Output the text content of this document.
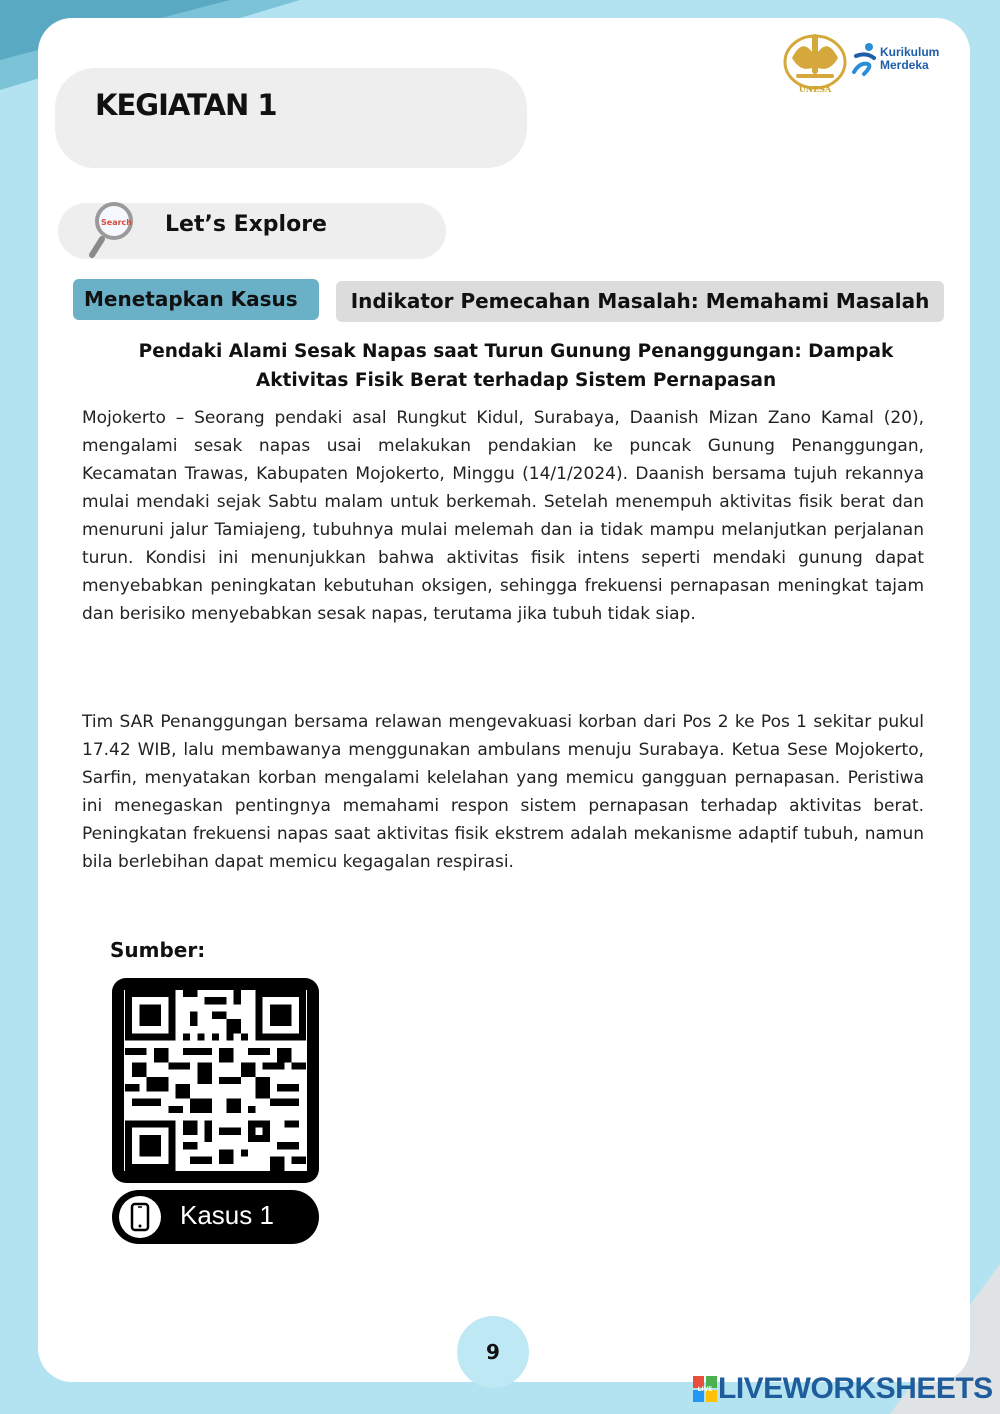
UNESA
Kurikulum
Merdeka
KEGIATAN 1
Search Let’s Explore
Menetapkan Kasus	Indikator Pemecahan Masalah: Memahami Masalah
Pendaki Alami Sesak Napas saat Turun Gunung Penanggungan: Dampak Aktivitas Fisik Berat terhadap Sistem Pernapasan

Mojokerto – Seorang pendaki asal Rungkut Kidul, Surabaya, Daanish Mizan Zano Kamal (20), mengalami sesak napas usai melakukan pendakian ke puncak Gunung Penanggungan, Kecamatan Trawas, Kabupaten Mojokerto, Minggu (14/1/2024). Daanish bersama tujuh rekannya mulai mendaki sejak Sabtu malam untuk berkemah. Setelah menempuh aktivitas fisik berat dan menuruni jalur Tamiajeng, tubuhnya mulai melemah dan ia tidak mampu melanjutkan perjalanan turun. Kondisi ini menunjukkan bahwa aktivitas fisik intens seperti mendaki gunung dapat menyebabkan peningkatan kebutuhan oksigen, sehingga frekuensi pernapasan meningkat tajam dan berisiko menyebabkan sesak napas, terutama jika tubuh tidak siap.

Tim SAR Penanggungan bersama relawan mengevakuasi korban dari Pos 2 ke Pos 1 sekitar pukul 17.42 WIB, lalu membawanya menggunakan ambulans menuju Surabaya. Ketua Sese Mojokerto, Sarfin, menyatakan korban mengalami kelelahan yang memicu gangguan pernapasan. Peristiwa ini menegaskan pentingnya memahami respon sistem pernapasan terhadap aktivitas berat. Peningkatan frekuensi napas saat aktivitas fisik ekstrem adalah mekanisme adaptif tubuh, namun bila berlebihan dapat memicu kegagalan respirasi.

Sumber:
Kasus 1
9
LIVE LIVEWORKSHEETS
